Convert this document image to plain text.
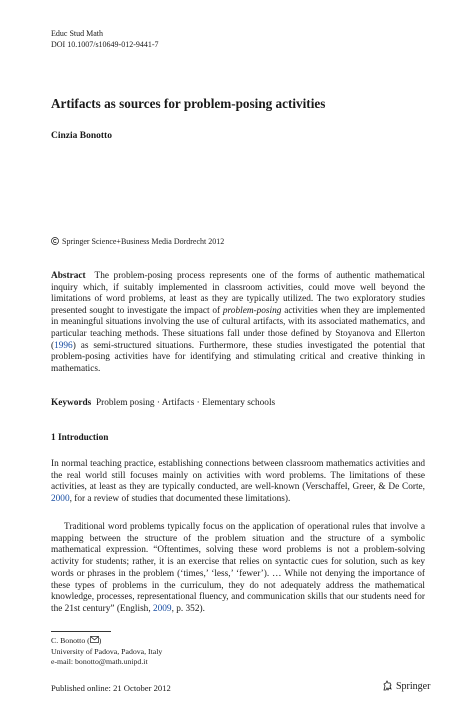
Educ Stud Math
DOI 10.1007/s10649-012-9441-7
Artifacts as sources for problem-posing activities
Cinzia Bonotto
Springer Science+Business Media Dordrecht 2012
Abstract The problem-posing process represents one of the forms of authentic mathematical inquiry which, if suitably implemented in classroom activities, could move well beyond the limitations of word problems, at least as they are typically utilized. The two exploratory studies presented sought to investigate the impact of problem-posing activities when they are implemented in meaningful situations involving the use of cultural artifacts, with its associated mathematics, and particular teaching methods. These situations fall under those defined by Stoyanova and Ellerton (1996) as semi-structured situations. Furthermore, these studies investigated the potential that problem-posing activities have for identifying and stimulating critical and creative thinking in mathematics.
Keywords Problem posing · Artifacts · Elementary schools
1 Introduction
In normal teaching practice, establishing connections between classroom mathematics activities and the real world still focuses mainly on activities with word problems. The limitations of these activities, at least as they are typically conducted, are well-known (Verschaffel, Greer, & De Corte, 2000, for a review of studies that documented these limitations).
Traditional word problems typically focus on the application of operational rules that involve a mapping between the structure of the problem situation and the structure of a symbolic mathematical expression. “Oftentimes, solving these word problems is not a problem-solving activity for students; rather, it is an exercise that relies on syntactic cues for solution, such as key words or phrases in the problem (‘times,’ ‘less,’ ‘fewer’). … While not denying the importance of these types of problems in the curriculum, they do not adequately address the mathematical knowledge, processes, representational fluency, and communication skills that our students need for the 21st century” (English, 2009, p. 352).
C. Bonotto ( )
University of Padova, Padova, Italy
e-mail: bonotto@math.unipd.it
Published online: 21 October 2012	Springer
